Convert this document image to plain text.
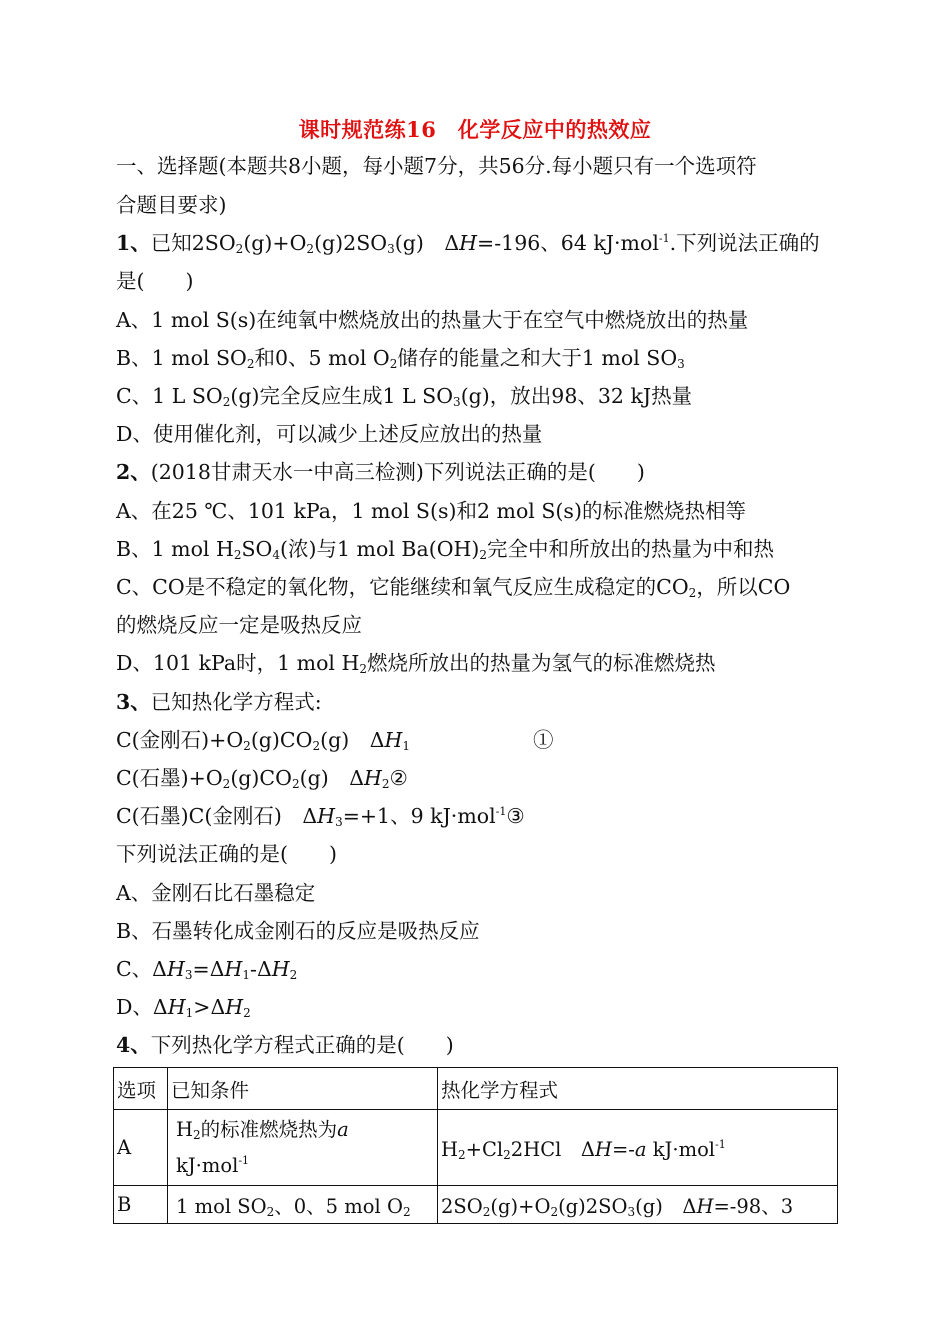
课时规范练16　化学反应中的热效应
一、选择题(本题共8小题，每小题7分，共56分.每小题只有一个选项符
合题目要求)
1、已知$2SO_2(g)+O_2(g)2SO_3(g)$　ΔH=-196、64 kJ·mol$^{-1}$.下列说法正确的
是(　　)
A、1 mol S(s)在纯氧中燃烧放出的热量大于在空气中燃烧放出的热量
B、1 mol $SO_2$和0、5 mol $O_2$储存的能量之和大于1 mol $SO_3$
C、1 L $SO_2(g)$完全反应生成1 L $SO_3(g)$，放出98、32 kJ热量
D、使用催化剂，可以减少上述反应放出的热量
2、(2018甘肃天水一中高三检测)下列说法正确的是(　　)
A、在25 ℃、101 kPa，1 mol S(s)和2 mol S(s)的标准燃烧热相等
B、1 mol $H_2SO_4$(浓)与1 mol $Ba(OH)_2$完全中和所放出的热量为中和热
C、CO是不稳定的氧化物，它能继续和氧气反应生成稳定的$CO_2$，所以CO
的燃烧反应一定是吸热反应
D、101 kPa时，1 mol $H_2$燃烧所放出的热量为氢气的标准燃烧热
3、已知热化学方程式:
C(金刚石)$+O_2(g)CO_2(g)$　$\Delta H_1$　　　　　　①
C(石墨)$+O_2(g)CO_2(g)$　$\Delta H_2②$
C(石墨)C(金刚石)　$\Delta H_3=+1$、9 kJ·mol$^{-1}$③
下列说法正确的是(　　)
A、金刚石比石墨稳定
B、石墨转化成金刚石的反应是吸热反应
C、$\Delta H_3=\Delta H_1-\Delta H_2$
D、$\Delta H_1>\Delta H_2$
4、下列热化学方程式正确的是(　　)
选项	已知条件	热化学方程式
A	$H_2$的标准燃烧热为a
kJ·mol$^{-1}$	$H_2+Cl_22HCl$　ΔH=-a kJ·mol$^{-1}$
B	1 mol $SO_2$、0、5 mol $O_2$	$2SO_2(g)+O_2(g)2SO_3(g)$　ΔH=-98、3
